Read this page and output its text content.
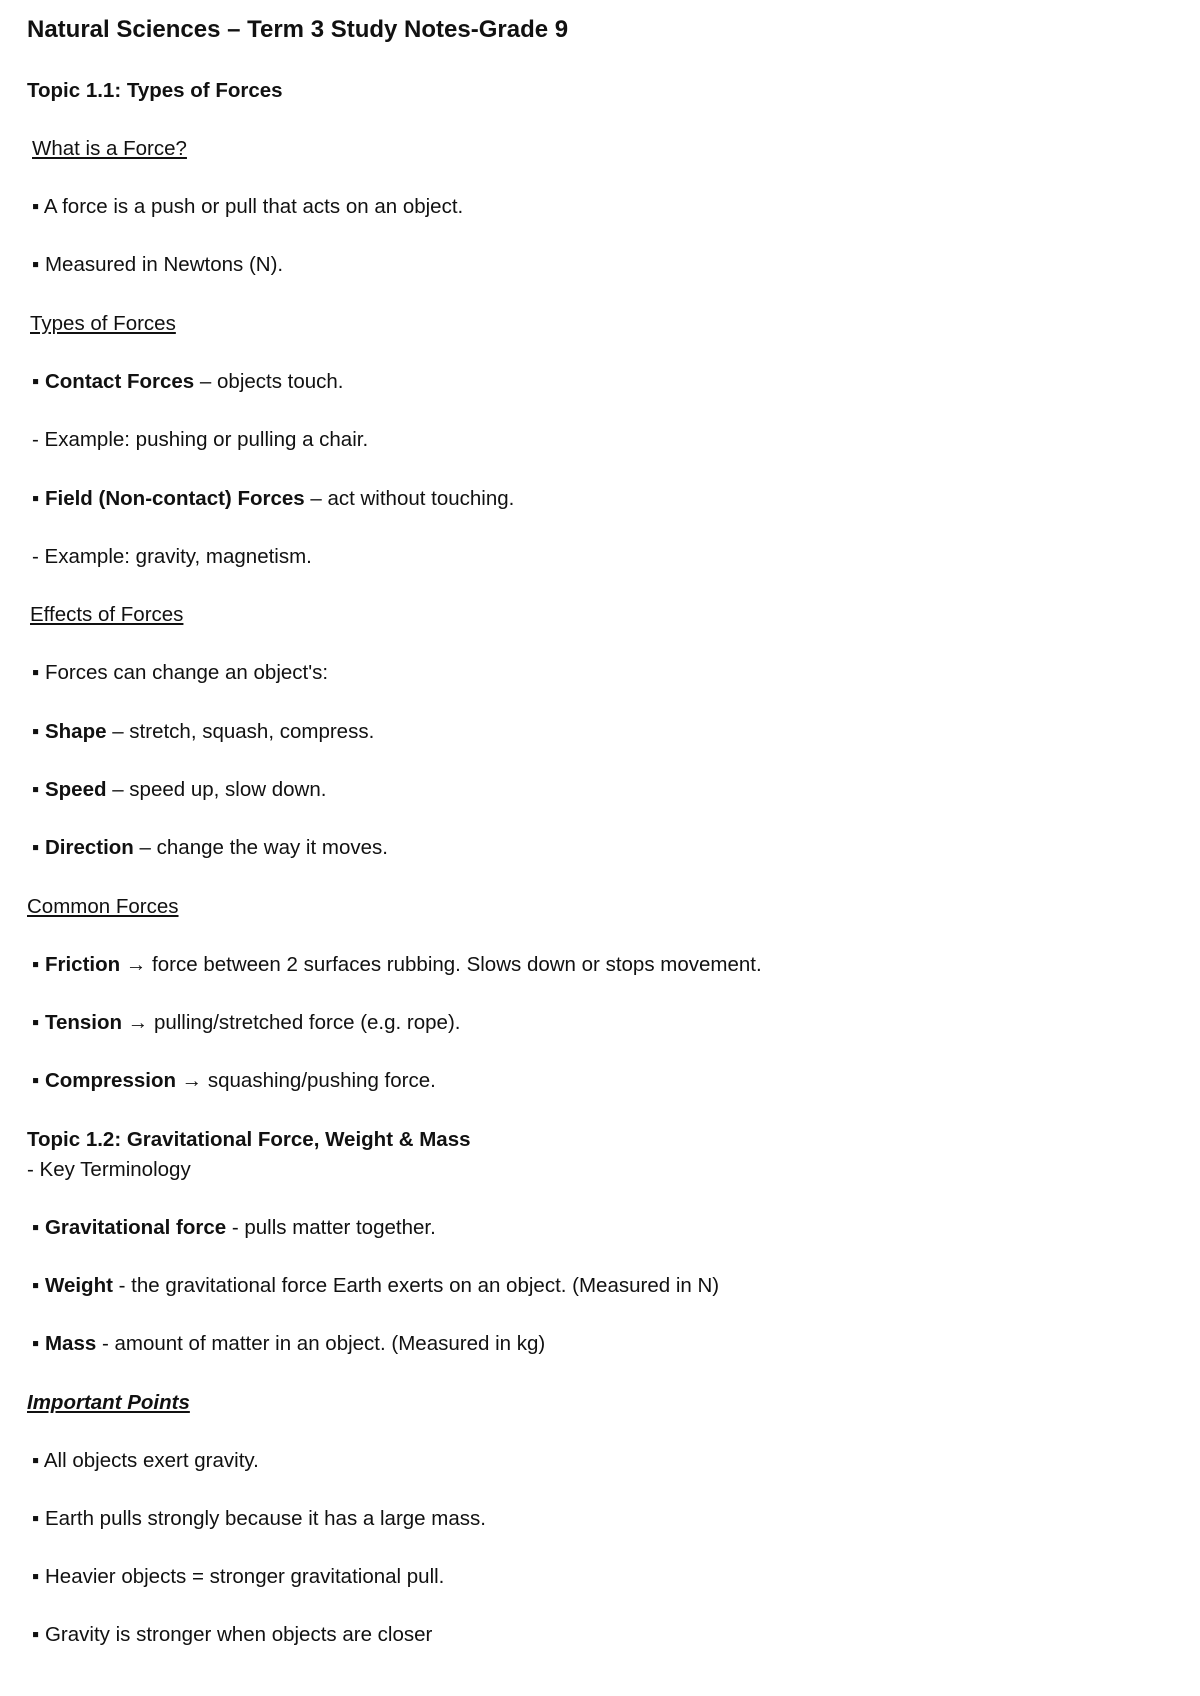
Natural Sciences – Term 3 Study Notes-Grade 9
Topic 1.1: Types of Forces
What is a Force?
▪ A force is a push or pull that acts on an object.
▪ Measured in Newtons (N).
Types of Forces
▪ Contact Forces – objects touch.
- Example: pushing or pulling a chair.
▪ Field (Non-contact) Forces – act without touching.
- Example: gravity, magnetism.
Effects of Forces
▪ Forces can change an object's:
▪ Shape – stretch, squash, compress.
▪ Speed – speed up, slow down.
▪ Direction – change the way it moves.
Common Forces
▪ Friction → force between 2 surfaces rubbing. Slows down or stops movement.
▪ Tension → pulling/stretched force (e.g. rope).
▪ Compression → squashing/pushing force.
Topic 1.2: Gravitational Force, Weight & Mass
- Key Terminology
▪ Gravitational force - pulls matter together.
▪ Weight - the gravitational force Earth exerts on an object. (Measured in N)
▪ Mass - amount of matter in an object. (Measured in kg)
Important Points
▪ All objects exert gravity.
▪ Earth pulls strongly because it has a large mass.
▪ Heavier objects = stronger gravitational pull.
▪ Gravity is stronger when objects are closer
